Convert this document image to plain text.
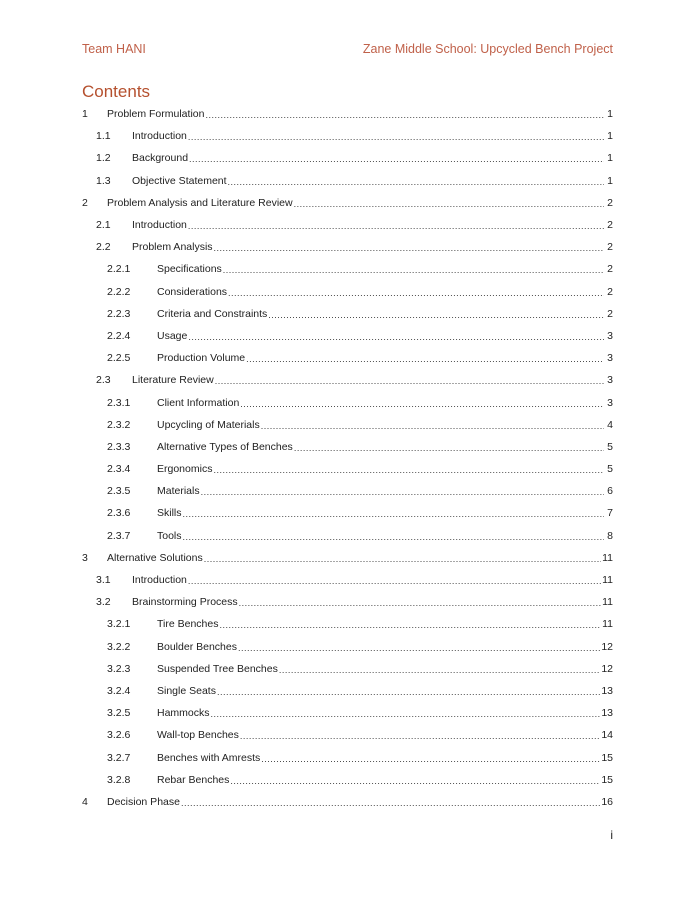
Team HANI	Zane Middle School: Upcycled Bench Project
Contents
1	Problem Formulation .....	1
1.1	Introduction .....	1
1.2	Background .....	1
1.3	Objective Statement .....	1
2	Problem Analysis and Literature Review .....	2
2.1	Introduction .....	2
2.2	Problem Analysis .....	2
2.2.1	Specifications .....	2
2.2.2	Considerations .....	2
2.2.3	Criteria and Constraints .....	2
2.2.4	Usage .....	3
2.2.5	Production Volume .....	3
2.3	Literature Review .....	3
2.3.1	Client Information .....	3
2.3.2	Upcycling of Materials .....	4
2.3.3	Alternative Types of Benches .....	5
2.3.4	Ergonomics .....	5
2.3.5	Materials .....	6
2.3.6	Skills .....	7
2.3.7	Tools .....	8
3	Alternative Solutions .....	11
3.1	Introduction .....	11
3.2	Brainstorming Process .....	11
3.2.1	Tire Benches .....	11
3.2.2	Boulder Benches .....	12
3.2.3	Suspended Tree Benches .....	12
3.2.4	Single Seats .....	13
3.2.5	Hammocks .....	13
3.2.6	Wall-top Benches .....	14
3.2.7	Benches with Amrests .....	15
3.2.8	Rebar Benches .....	15
4	Decision Phase .....	16
i
